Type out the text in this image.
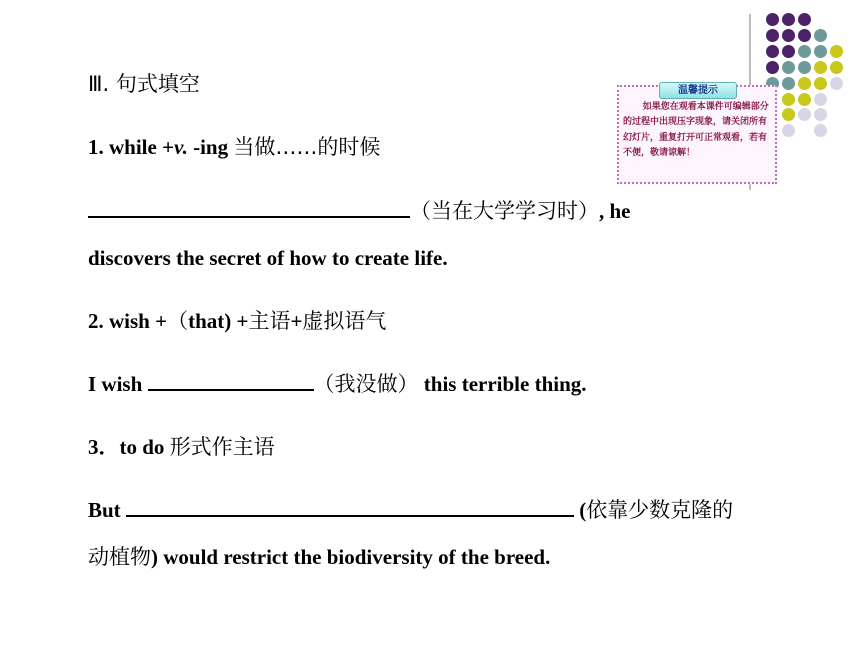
温馨提示
如果您在观看本课件可编辑部分的过程中出现压字现象，请关闭所有幻灯片，重复打开可正常观看，若有不便，敬请谅解！
Ⅲ. 句式填空
1. while +v. -ing 当做……的时候
（当在大学学习时）, he
discovers the secret of how to create life.
2. wish +（that) +主语+虚拟语气
I wish	（我没做） this terrible thing.
3．to do 形式作主语
But	(依靠少数克隆的
动植物) would restrict the biodiversity of the breed.
